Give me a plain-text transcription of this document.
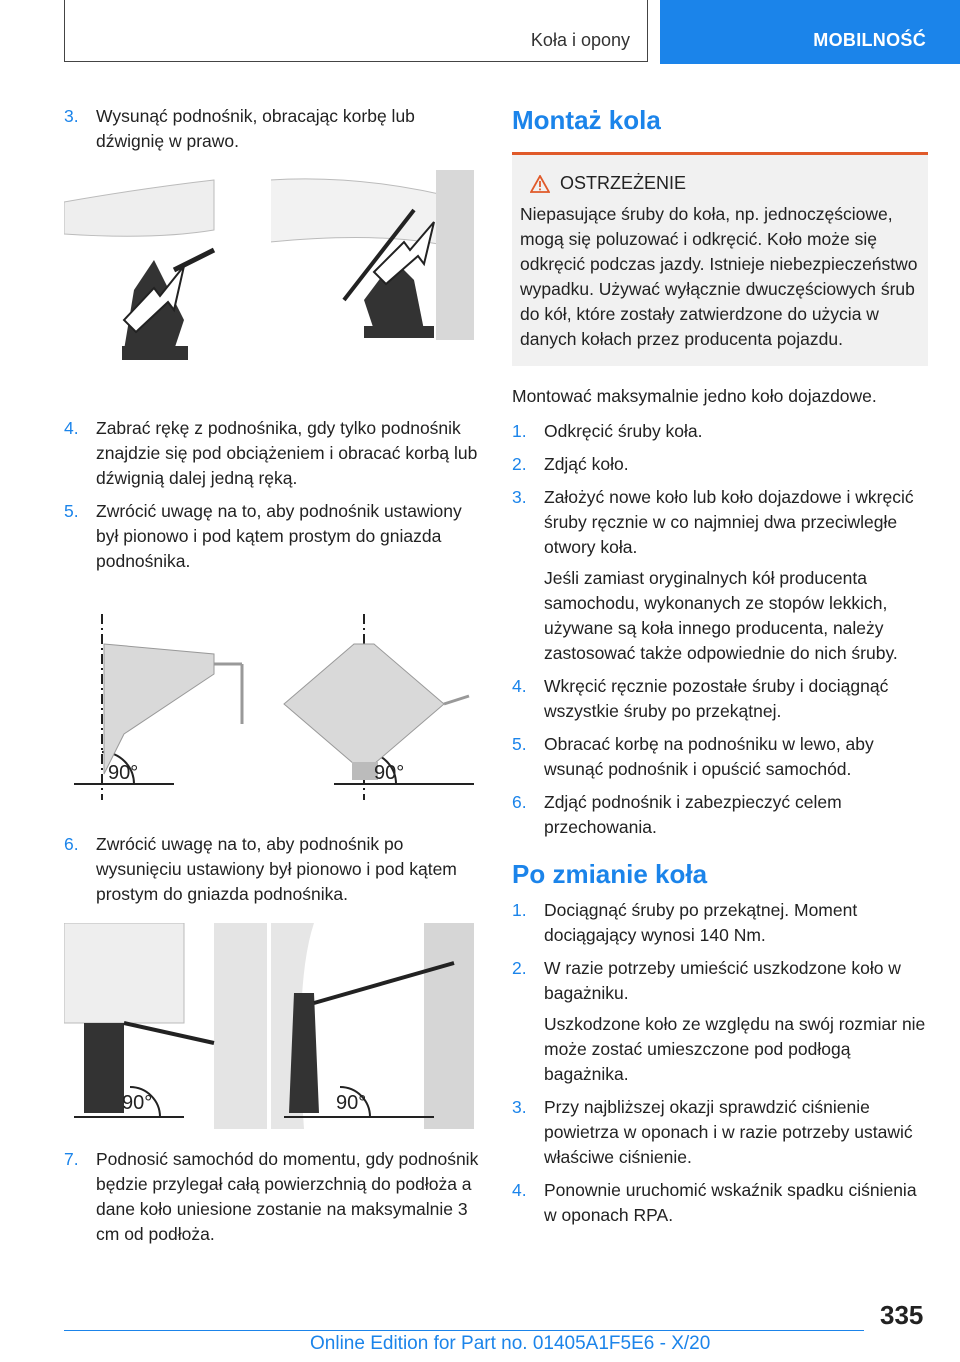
Koła i opony	MOBILNOŚĆ
3. Wysunąć podnośnik, obracając korbę lub dźwignię w prawo.
4. Zabrać rękę z podnośnika, gdy tylko podnośnik znajdzie się pod obciążeniem i obracać korbą lub dźwignią dalej jedną ręką.
5. Zwrócić uwagę na to, aby podnośnik ustawiony był pionowo i pod kątem prostym do gniazda podnośnika.
90°	90°
6. Zwrócić uwagę na to, aby podnośnik po wysunięciu ustawiony był pionowo i pod kątem prostym do gniazda podnośnika.
90°	90°
7. Podnosić samochód do momentu, gdy podnośnik będzie przylegał całą powierzchnią do podłoża a dane koło uniesione zostanie na maksymalnie 3 cm od podłoża.
Montaż kola
OSTRZEŻENIE
Niepasujące śruby do koła, np. jednoczęściowe, mogą się poluzować i odkręcić. Koło może się odkręcić podczas jazdy. Istnieje niebezpieczeństwo wypadku. Używać wyłącznie dwuczęściowych śrub do kół, które zostały zatwierdzone do użycia w danych kołach przez producenta pojazdu.
Montować maksymalnie jedno koło dojazdowe.
1. Odkręcić śruby koła.
2. Zdjąć koło.
3. Założyć nowe koło lub koło dojazdowe i wkręcić śruby ręcznie w co najmniej dwa przeciwległe otwory koła.
Jeśli zamiast oryginalnych kół producenta samochodu, wykonanych ze stopów lekkich, używane są koła innego producenta, należy zastosować także odpowiednie do nich śruby.
4. Wkręcić ręcznie pozostałe śruby i dociągnąć wszystkie śruby po przekątnej.
5. Obracać korbę na podnośniku w lewo, aby wsunąć podnośnik i opuścić samochód.
6. Zdjąć podnośnik i zabezpieczyć celem przechowania.
Po zmianie koła
1. Dociągnąć śruby po przekątnej. Moment dociągający wynosi 140 Nm.
2. W razie potrzeby umieścić uszkodzone koło w bagażniku.
Uszkodzone koło ze względu na swój rozmiar nie może zostać umieszczone pod podłogą bagażnika.
3. Przy najbliższej okazji sprawdzić ciśnienie powietrza w oponach i w razie potrzeby ustawić właściwe ciśnienie.
4. Ponownie uruchomić wskaźnik spadku ciśnienia w oponach RPA.
335
Online Edition for Part no. 01405A1F5E6 - X/20
